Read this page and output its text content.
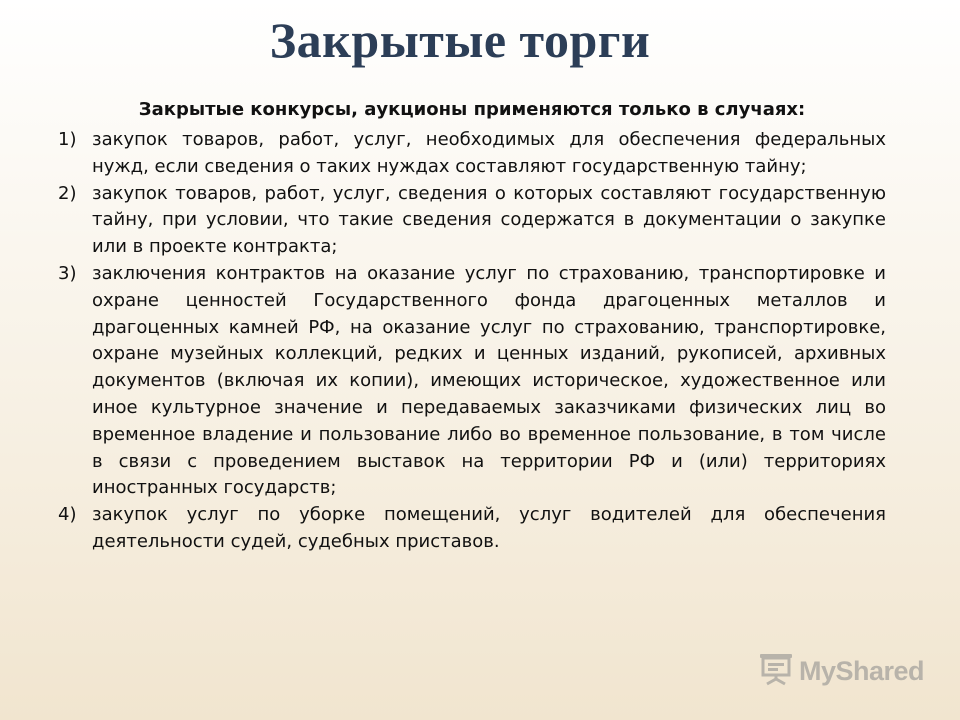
Закрытые торги

Закрытые конкурсы, аукционы применяются только в случаях:

1) закупок товаров, работ, услуг, необходимых для обеспечения федеральных нужд, если сведения о таких нуждах составляют государственную тайну;
2) закупок товаров, работ, услуг, сведения о которых составляют государственную тайну, при условии, что такие сведения содержатся в документации о закупке или в проекте контракта;
3) заключения контрактов на оказание услуг по страхованию, транспортировке и охране ценностей Государственного фонда драгоценных металлов и драгоценных камней РФ, на оказание услуг по страхованию, транспортировке, охране музейных коллекций, редких и ценных изданий, рукописей, архивных документов (включая их копии), имеющих историческое, художественное или иное культурное значение и передаваемых заказчиками физических лиц во временное владение и пользование либо во временное пользование, в том числе в связи с проведением выставок на территории РФ и (или) территориях иностранных государств;
4) закупок услуг по уборке помещений, услуг водителей для обеспечения деятельности судей, судебных приставов.
MyShared
